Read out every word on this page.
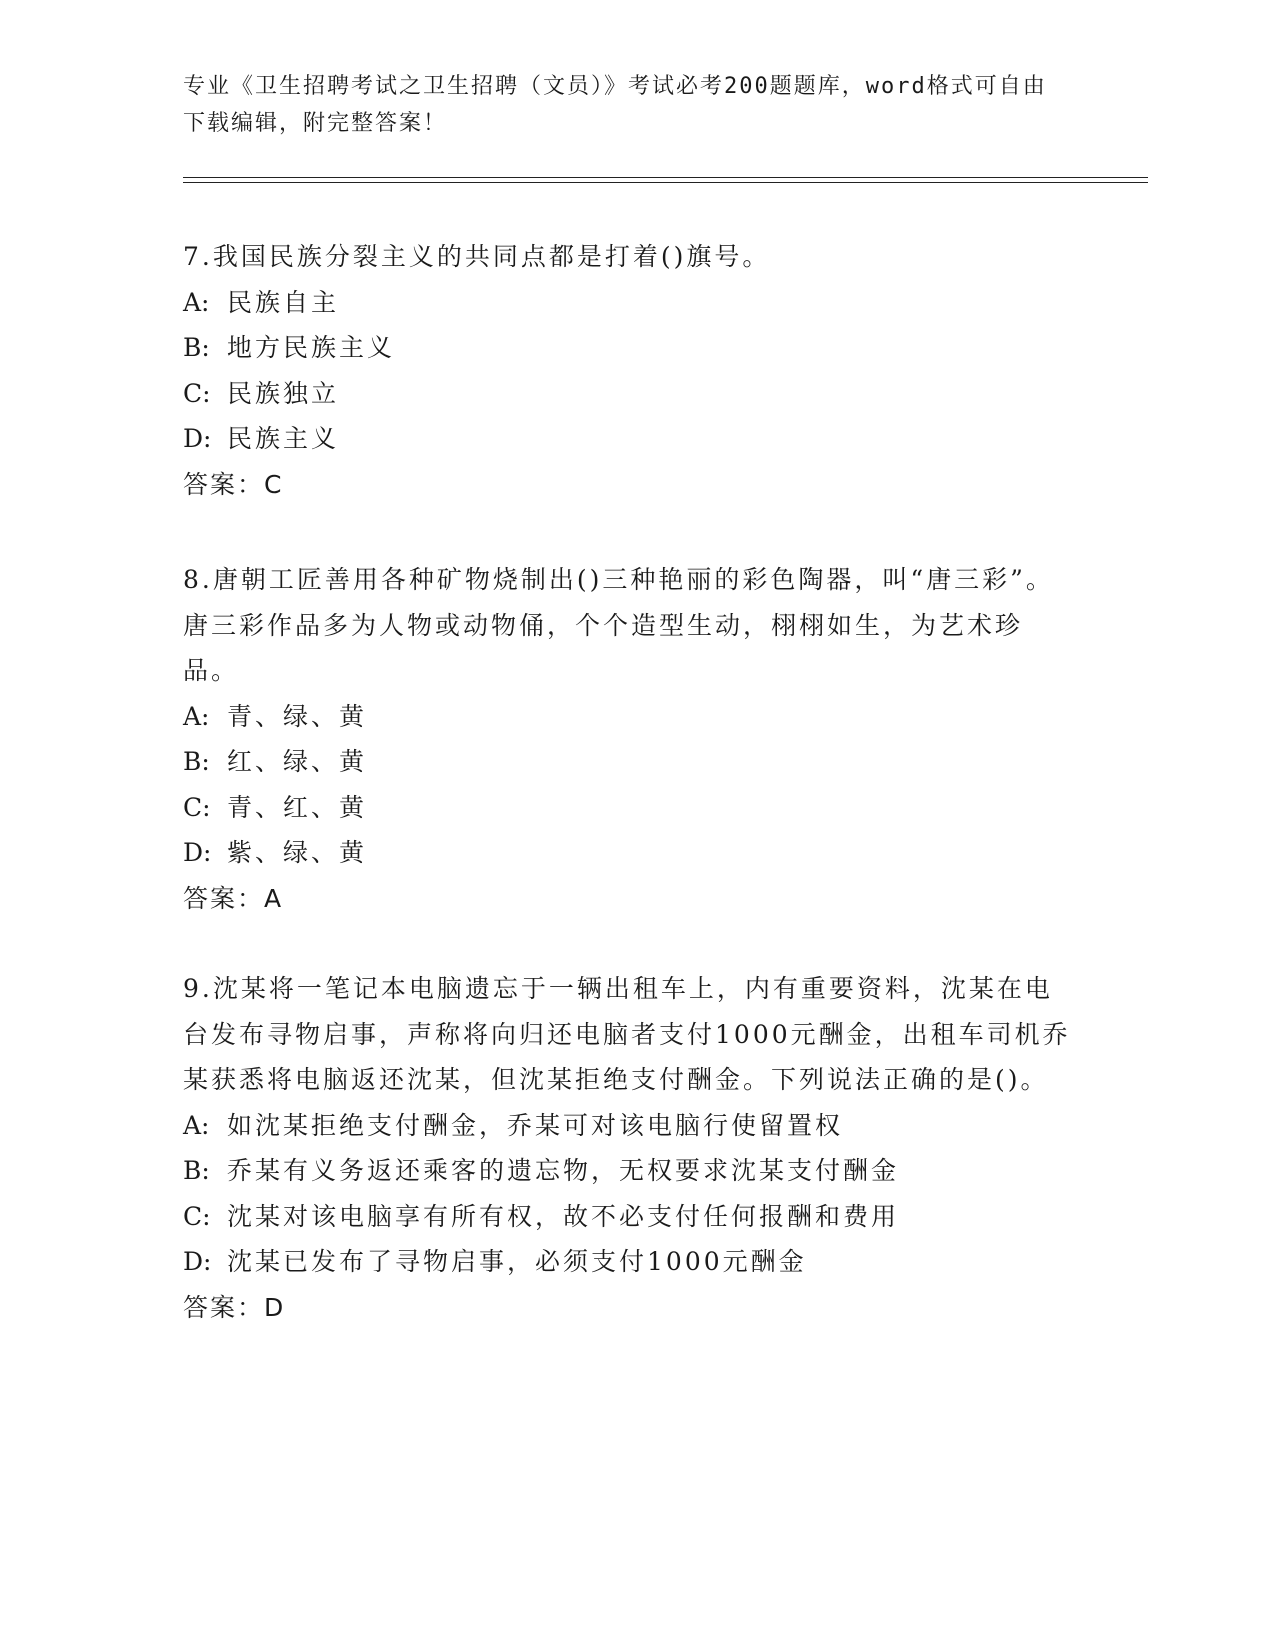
专业《卫生招聘考试之卫生招聘（文员）》考试必考200题题库，word格式可自由下载编辑，附完整答案！
7.我国民族分裂主义的共同点都是打着()旗号。
A: 民族自主
B: 地方民族主义
C: 民族独立
D: 民族主义
答案：C
8.唐朝工匠善用各种矿物烧制出()三种艳丽的彩色陶器，叫“唐三彩”。唐三彩作品多为人物或动物俑，个个造型生动，栩栩如生，为艺术珍品。
A: 青、绿、黄
B: 红、绿、黄
C: 青、红、黄
D: 紫、绿、黄
答案：A
9.沈某将一笔记本电脑遗忘于一辆出租车上，内有重要资料，沈某在电台发布寻物启事，声称将向归还电脑者支付1000元酬金，出租车司机乔某获悉将电脑返还沈某，但沈某拒绝支付酬金。下列说法正确的是()。
A: 如沈某拒绝支付酬金，乔某可对该电脑行使留置权
B: 乔某有义务返还乘客的遗忘物，无权要求沈某支付酬金
C: 沈某对该电脑享有所有权，故不必支付任何报酬和费用
D: 沈某已发布了寻物启事，必须支付1000元酬金
答案：D
